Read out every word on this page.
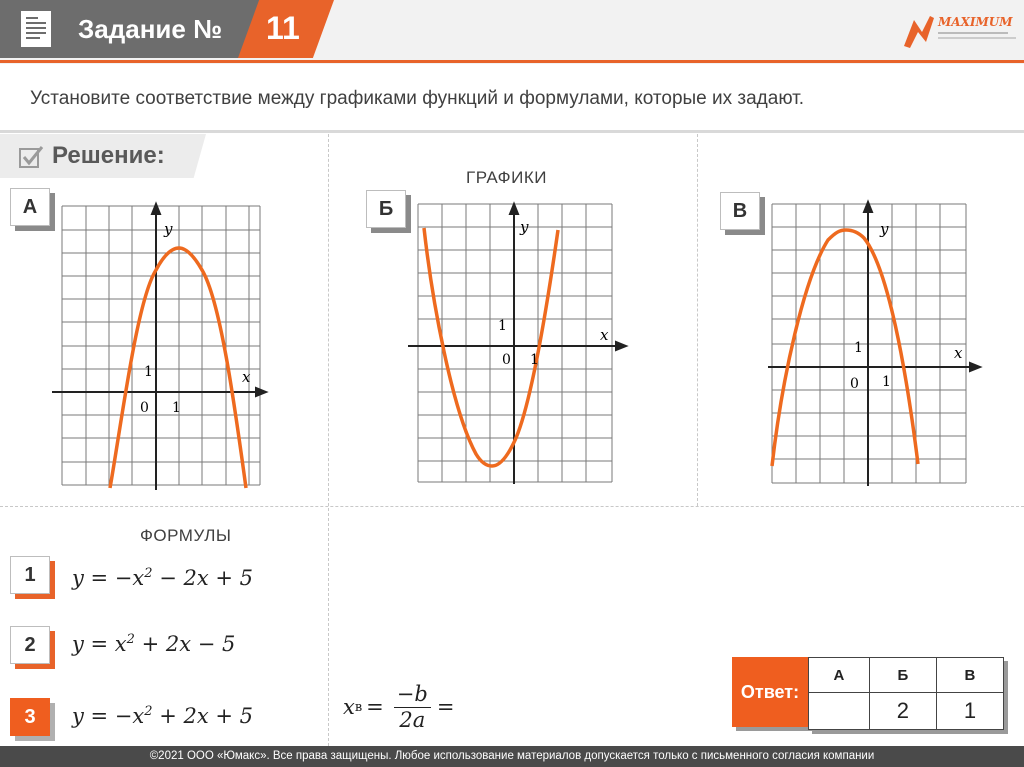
Задание № 11	MAXIMUM
Установите соответствие между графиками функций и формулами, которые их задают.
Решение:
ГРАФИКИ
А
y
x
0 1
1
Б
y
x
0 1
1
В
y
x
0 1
1
ФОРМУЛЫ
1	$y = -x^2 - 2x + 5$
2	$y = x^2 + 2x - 5$
3	$y = -x^2 + 2x + 5$	x $в = \frac{-b}{2a}$ =
Ответ:
А	Б	В
	2	1
©2021 ООО «Юмакс». Все права защищены. Любое использование материалов допускается только с письменного согласия компании
